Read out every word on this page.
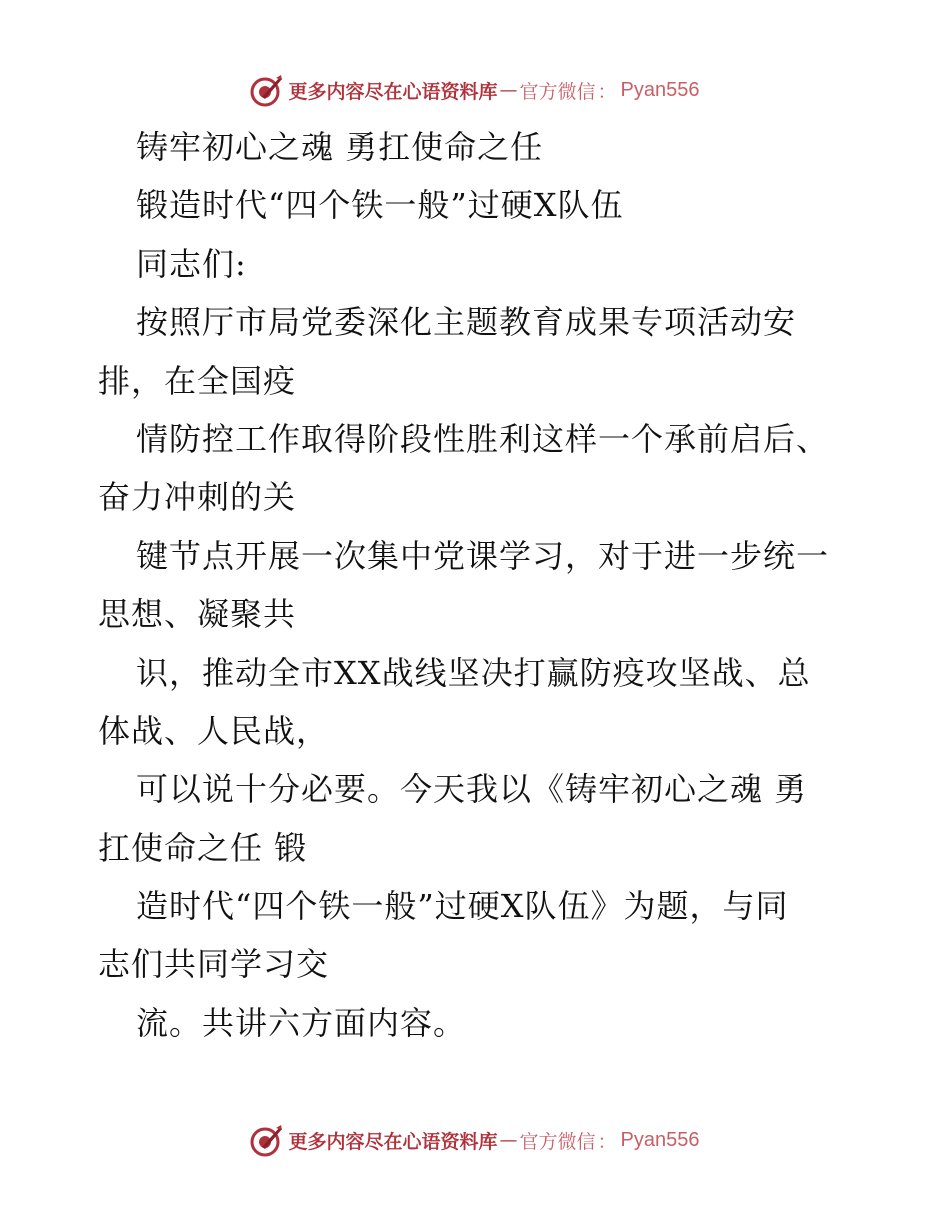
更多内容尽在心语资料库 — 官方微信 ： Pyan556
铸牢初心之魂 勇扛使命之任
锻造时代“四个铁一般”过硬X队伍
同志们:
按照厅市局党委深化主题教育成果专项活动安
排，在全国疫
情防控工作取得阶段性胜利这样一个承前启后、
奋力冲刺的关
键节点开展一次集中党课学习，对于进一步统一
思想、凝聚共
识，推动全市XX战线坚决打赢防疫攻坚战、总
体战、人民战，
可以说十分必要。今天我以《铸牢初心之魂 勇
扛使命之任 锻
造时代“四个铁一般”过硬X队伍》为题，与同
志们共同学习交
流。共讲六方面内容。
更多内容尽在心语资料库 — 官方微信 ： Pyan556
